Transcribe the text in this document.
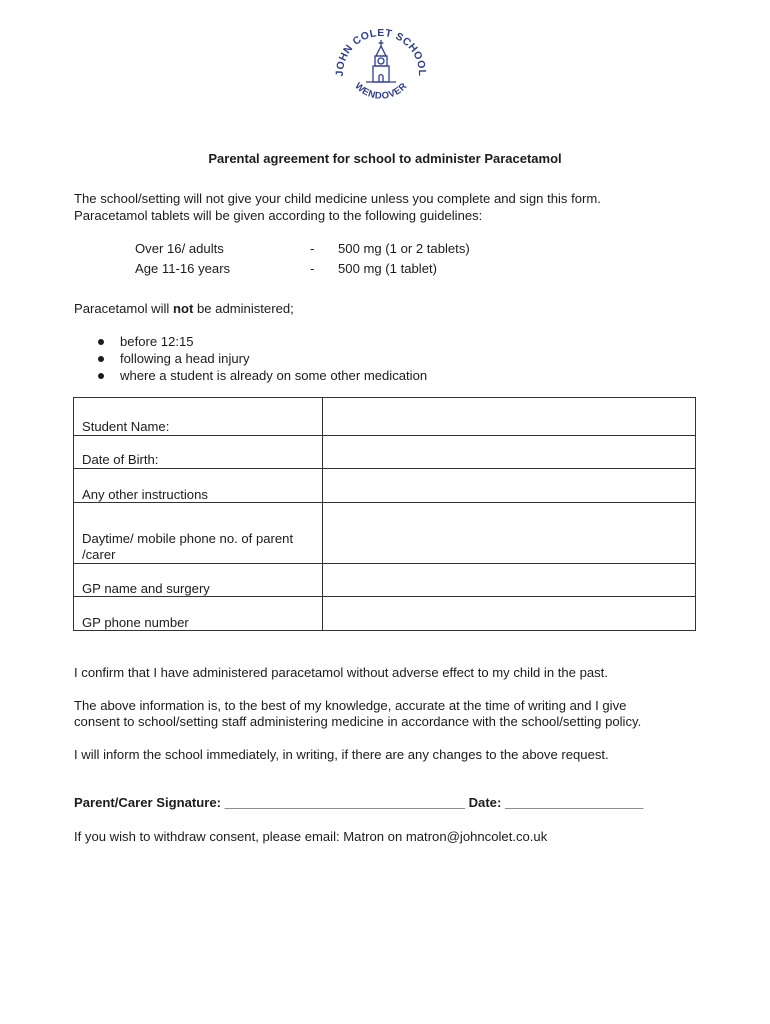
JOHN COLET SCHOOL
WENDOVER
Parental agreement for school to administer Paracetamol
The school/setting will not give your child medicine unless you complete and sign this form.
Paracetamol tablets will be given according to the following guidelines:
Over 16/ adults	- 500 mg (1 or 2 tablets)
Age 11-16 years	- 500 mg (1 tablet)
Paracetamol will not be administered;
before 12:15
following a head injury
where a student is already on some other medication
Student Name:	
Date of Birth:	
Any other instructions	
Daytime/ mobile phone no. of parent /carer	
GP name and surgery	
GP phone number	
I confirm that I have administered paracetamol without adverse effect to my child in the past.
The above information is, to the best of my knowledge, accurate at the time of writing and I give
consent to school/setting staff administering medicine in accordance with the school/setting policy.
I will inform the school immediately, in writing, if there are any changes to the above request.
Parent/Carer Signature: _________________________________ Date: ___________________
If you wish to withdraw consent, please email: Matron on matron@johncolet.co.uk
